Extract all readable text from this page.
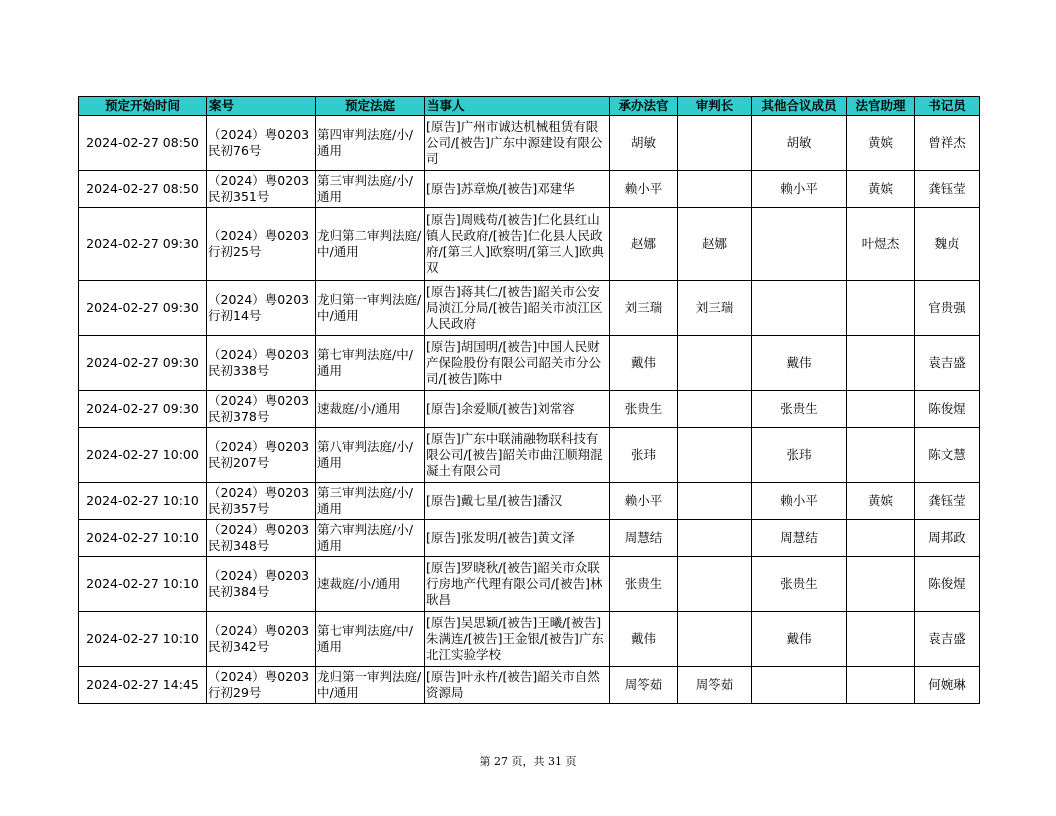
预定开始时间	案号	预定法庭	当事人	承办法官	审判长	其他合议成员	法官助理	书记员
2024-02-27 08:50	（2024）粤0203民初76号	第四审判法庭/小/通用	[原告]广州市诚达机械租赁有限公司/[被告]广东中源建设有限公司	胡敏		胡敏	黄嫔	曾祥杰
2024-02-27 08:50	（2024）粤0203民初351号	第三审判法庭/小/通用	[原告]苏章焕/[被告]邓建华	赖小平		赖小平	黄嫔	龚钰莹
2024-02-27 09:30	（2024）粤0203行初25号	龙归第二审判法庭/中/通用	[原告]周贱苟/[被告]仁化县红山镇人民政府/[被告]仁化县人民政府/[第三人]欧察明/[第三人]欧典双	赵娜	赵娜		叶煜杰	魏贞
2024-02-27 09:30	（2024）粤0203行初14号	龙归第一审判法庭/中/通用	[原告]蒋其仁/[被告]韶关市公安局浈江分局/[被告]韶关市浈江区人民政府	刘三瑞	刘三瑞			官贵强
2024-02-27 09:30	（2024）粤0203民初338号	第七审判法庭/中/通用	[原告]胡国明/[被告]中国人民财产保险股份有限公司韶关市分公司/[被告]陈中	戴伟		戴伟		袁吉盛
2024-02-27 09:30	（2024）粤0203民初378号	速裁庭/小/通用	[原告]余爱顺/[被告]刘常容	张贵生		张贵生		陈俊煋
2024-02-27 10:00	（2024）粤0203民初207号	第八审判法庭/小/通用	[原告]广东中联浦融物联科技有限公司/[被告]韶关市曲江顺翔混凝土有限公司	张玮		张玮		陈文慧
2024-02-27 10:10	（2024）粤0203民初357号	第三审判法庭/小/通用	[原告]戴七星/[被告]潘汉	赖小平		赖小平	黄嫔	龚钰莹
2024-02-27 10:10	（2024）粤0203民初348号	第六审判法庭/小/通用	[原告]张发明/[被告]黄文泽	周慧结		周慧结		周邦政
2024-02-27 10:10	（2024）粤0203民初384号	速裁庭/小/通用	[原告]罗晓秋/[被告]韶关市众联行房地产代理有限公司/[被告]林耿昌	张贵生		张贵生		陈俊煋
2024-02-27 10:10	（2024）粤0203民初342号	第七审判法庭/中/通用	[原告]吴思颖/[被告]王曦/[被告]朱满连/[被告]王金银/[被告]广东北江实验学校	戴伟		戴伟		袁吉盛
2024-02-27 14:45	（2024）粤0203行初29号	龙归第一审判法庭/中/通用	[原告]叶永杵/[被告]韶关市自然资源局	周笭茹	周笭茹			何婉琳
第 27 页，共 31 页
